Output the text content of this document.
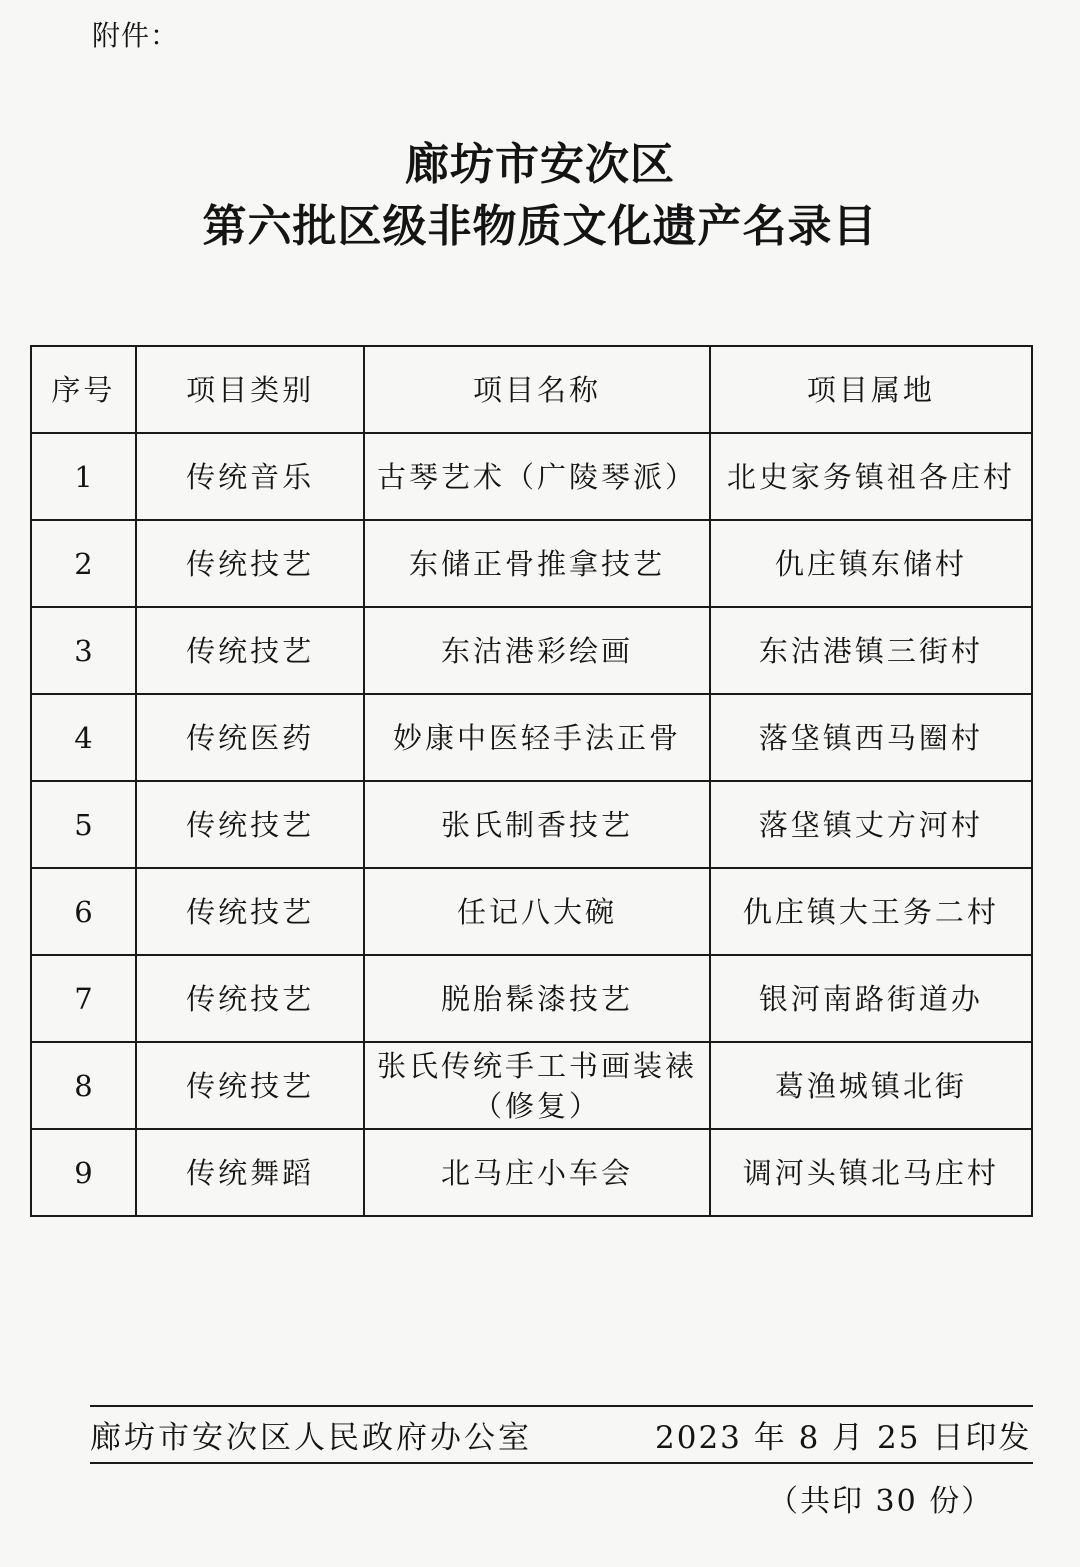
附件：
廊坊市安次区
第六批区级非物质文化遗产名录目
序号	项目类别	项目名称	项目属地
1	传统音乐	古琴艺术（广陵琴派）	北史家务镇祖各庄村
2	传统技艺	东储正骨推拿技艺	仇庄镇东储村
3	传统技艺	东沽港彩绘画	东沽港镇三街村
4	传统医药	妙康中医轻手法正骨	落垡镇西马圈村
5	传统技艺	张氏制香技艺	落垡镇丈方河村
6	传统技艺	任记八大碗	仇庄镇大王务二村
7	传统技艺	脱胎髹漆技艺	银河南路街道办
8	传统技艺	张氏传统手工书画装裱（修复）	葛渔城镇北街
9	传统舞蹈	北马庄小车会	调河头镇北马庄村
廊坊市安次区人民政府办公室	2023 年 8 月 25 日印发
（共印 30 份）
